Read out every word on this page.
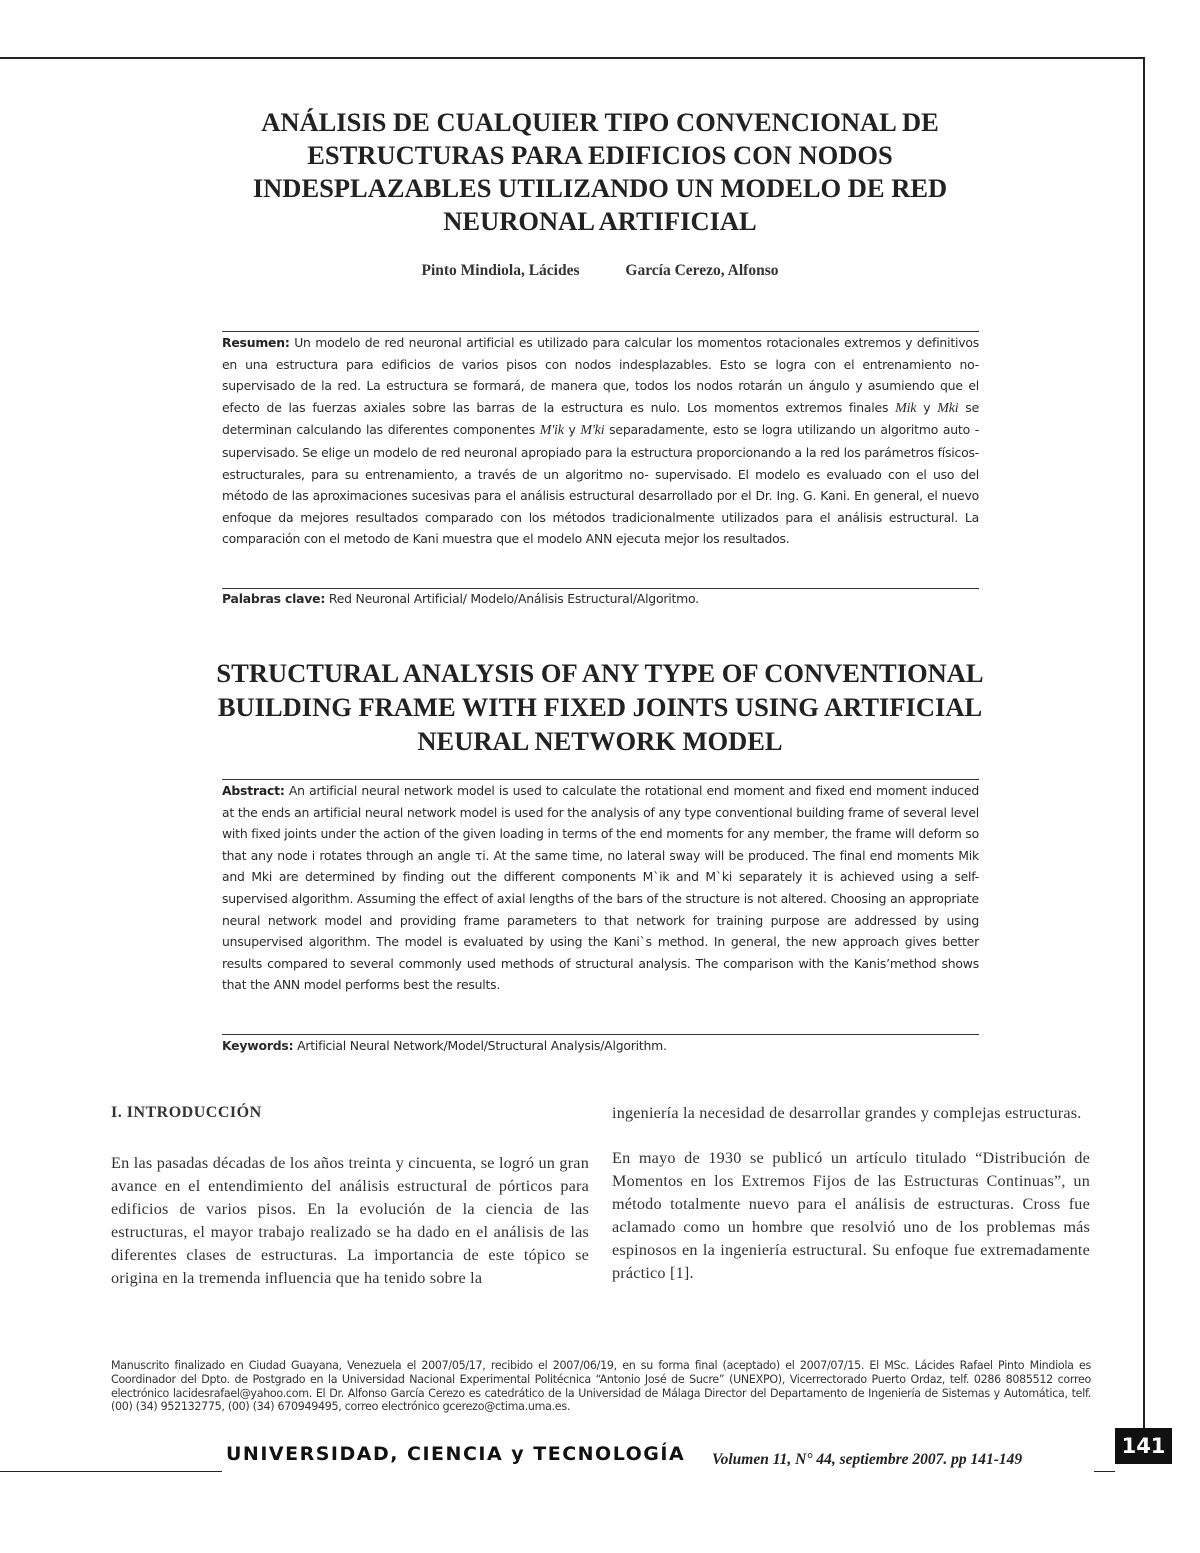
ANÁLISIS DE CUALQUIER TIPO CONVENCIONAL DE ESTRUCTURAS PARA EDIFICIOS CON NODOS INDESPLAZABLES UTILIZANDO UN MODELO DE RED NEURONAL ARTIFICIAL
Pinto Mindiola, Lácides	García Cerezo, Alfonso

Resumen: Un modelo de red neuronal artificial es utilizado para calcular los momentos rotacionales extremos y definitivos en una estructura para edificios de varios pisos con nodos indesplazables. Esto se logra con el entrenamiento no- supervisado de la red. La estructura se formará, de manera que, todos los nodos rotarán un ángulo y asumiendo que el efecto de las fuerzas axiales sobre las barras de la estructura es nulo. Los momentos extremos finales Mik y Mki se determinan calculando las diferentes componentes M'ik y M'ki separadamente, esto se logra utilizando un algoritmo auto - supervisado. Se elige un modelo de red neuronal apropiado para la estructura proporcionando a la red los parámetros físicos- estructurales, para su entrenamiento, a través de un algoritmo no- supervisado. El modelo es evaluado con el uso del método de las aproximaciones sucesivas para el análisis estructural desarrollado por el Dr. Ing. G. Kani. En general, el nuevo enfoque da mejores resultados comparado con los métodos tradicionalmente utilizados para el análisis estructural. La comparación con el metodo de Kani muestra que el modelo ANN ejecuta mejor los resultados.

Palabras clave: Red Neuronal Artificial/ Modelo/Análisis Estructural/Algoritmo.

STRUCTURAL ANALYSIS OF ANY TYPE OF CONVENTIONAL BUILDING FRAME WITH FIXED JOINTS USING ARTIFICIAL NEURAL NETWORK MODEL

Abstract: An artificial neural network model is used to calculate the rotational end moment and fixed end moment induced at the ends an artificial neural network model is used for the analysis of any type conventional building frame of several level with fixed joints under the action of the given loading in terms of the end moments for any member, the frame will deform so that any node i rotates through an angle τi. At the same time, no lateral sway will be produced. The final end moments Mik and Mki are determined by finding out the different components M`ik and M`ki separately it is achieved using a self-supervised algorithm. Assuming the effect of axial lengths of the bars of the structure is not altered. Choosing an appropriate neural network model and providing frame parameters to that network for training purpose are addressed by using unsupervised algorithm. The model is evaluated by using the Kani`s method. In general, the new approach gives better results compared to several commonly used methods of structural analysis. The comparison with the Kanis’method shows that the ANN model performs best the results.

Keywords: Artificial Neural Network/Model/Structural Analysis/Algorithm.

I. INTRODUCCIÓN

En las pasadas décadas de los años treinta y cincuenta, se logró un gran avance en el entendimiento del análisis estructural de pórticos para edificios de varios pisos. En la evolución de la ciencia de las estructuras, el mayor trabajo realizado se ha dado en el análisis de las diferentes clases de estructuras. La importancia de este tópico se origina en la tremenda influencia que ha tenido sobre la

ingeniería la necesidad de desarrollar grandes y complejas estructuras.

En mayo de 1930 se publicó un artículo titulado “Distribución de Momentos en los Extremos Fijos de las Estructuras Continuas”, un método totalmente nuevo para el análisis de estructuras. Cross fue aclamado como un hombre que resolvió uno de los problemas más espinosos en la ingeniería estructural. Su enfoque fue extremadamente práctico [1].

Manuscrito finalizado en Ciudad Guayana, Venezuela el 2007/05/17, recibido el 2007/06/19, en su forma final (aceptado) el 2007/07/15. El MSc. Lácides Rafael Pinto Mindiola es Coordinador del Dpto. de Postgrado en la Universidad Nacional Experimental Politécnica “Antonio José de Sucre” (UNEXPO), Vicerrectorado Puerto Ordaz, telf. 0286 8085512 correo electrónico lacidesrafael@yahoo.com. El Dr. Alfonso García Cerezo es catedrático de la Universidad de Málaga Director del Departamento de Ingeniería de Sistemas y Automática, telf. (00) (34) 952132775, (00) (34) 670949495, correo electrónico gcerezo@ctima.uma.es.

UNIVERSIDAD, CIENCIA y TECNOLOGÍA Volumen 11, N° 44, septiembre 2007. pp 141-149
141
